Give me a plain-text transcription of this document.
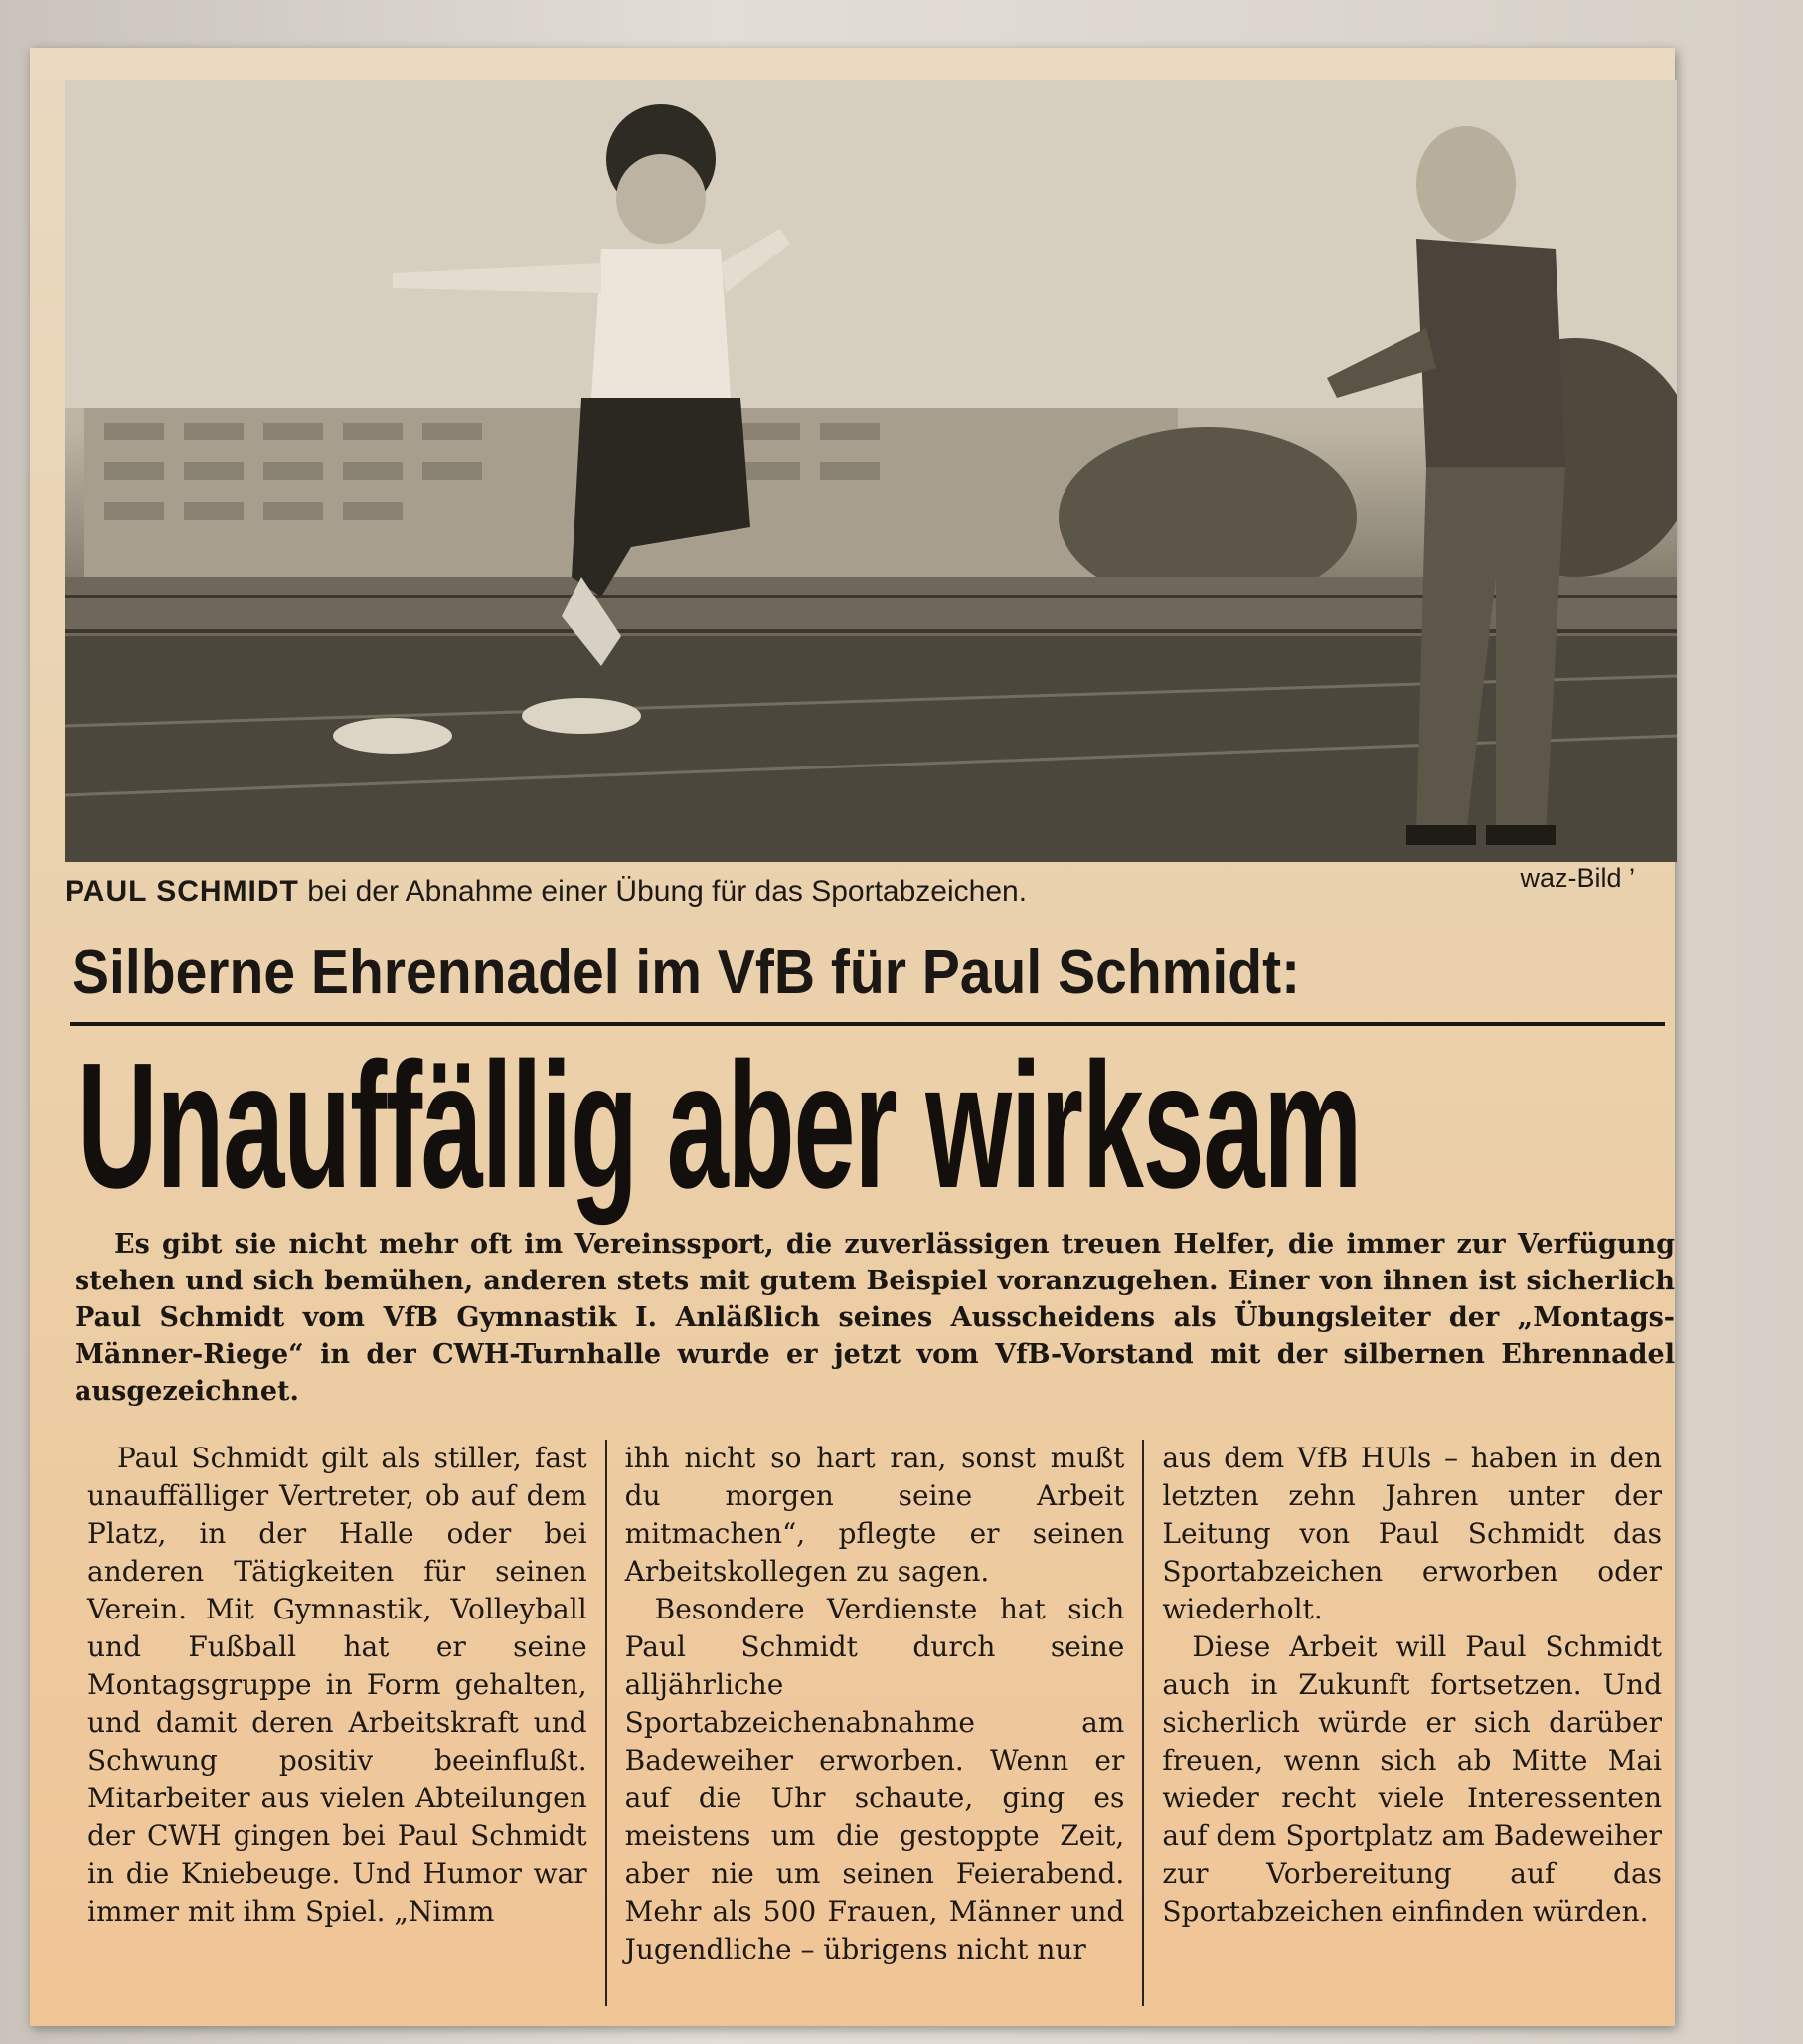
PAUL SCHMIDT bei der Abnahme einer Übung für das Sportabzeichen.	waz-Bild ’
Silberne Ehrennadel im VfB für Paul Schmidt:
Unauffällig aber wirksam
Es gibt sie nicht mehr oft im Vereinssport, die zuverlässigen treuen Helfer, die immer zur Verfügung stehen und sich bemühen, anderen stets mit gutem Beispiel voranzugehen. Einer von ihnen ist sicherlich Paul Schmidt vom VfB Gymnastik I. Anläßlich seines Ausscheidens als Übungsleiter der „Montags-Männer-Riege“ in der CWH-Turnhalle wurde er jetzt vom VfB-Vorstand mit der silbernen Ehrennadel ausgezeichnet.

Paul Schmidt gilt als stiller, fast unauffälliger Vertreter, ob auf dem Platz, in der Halle oder bei anderen Tätigkeiten für seinen Verein. Mit Gymnastik, Volleyball und Fußball hat er seine Montagsgruppe in Form gehalten, und damit deren Arbeitskraft und Schwung positiv beeinflußt. Mitarbeiter aus vielen Abteilungen der CWH gingen bei Paul Schmidt in die Kniebeuge. Und Humor war immer mit ihm Spiel. „Nimm

ihh nicht so hart ran, sonst mußt du morgen seine Arbeit mitmachen“, pflegte er seinen Arbeitskollegen zu sagen.

Besondere Verdienste hat sich Paul Schmidt durch seine alljährliche Sportabzeichenabnahme am Badeweiher erworben. Wenn er auf die Uhr schaute, ging es meistens um die gestoppte Zeit, aber nie um seinen Feierabend. Mehr als 500 Frauen, Männer und Jugendliche – übrigens nicht nur

aus dem VfB HUls – haben in den letzten zehn Jahren unter der Leitung von Paul Schmidt das Sportabzeichen erworben oder wiederholt.

Diese Arbeit will Paul Schmidt auch in Zukunft fortsetzen. Und sicherlich würde er sich darüber freuen, wenn sich ab Mitte Mai wieder recht viele Interessenten auf dem Sportplatz am Badeweiher zur Vorbereitung auf das Sportabzeichen einfinden würden.
